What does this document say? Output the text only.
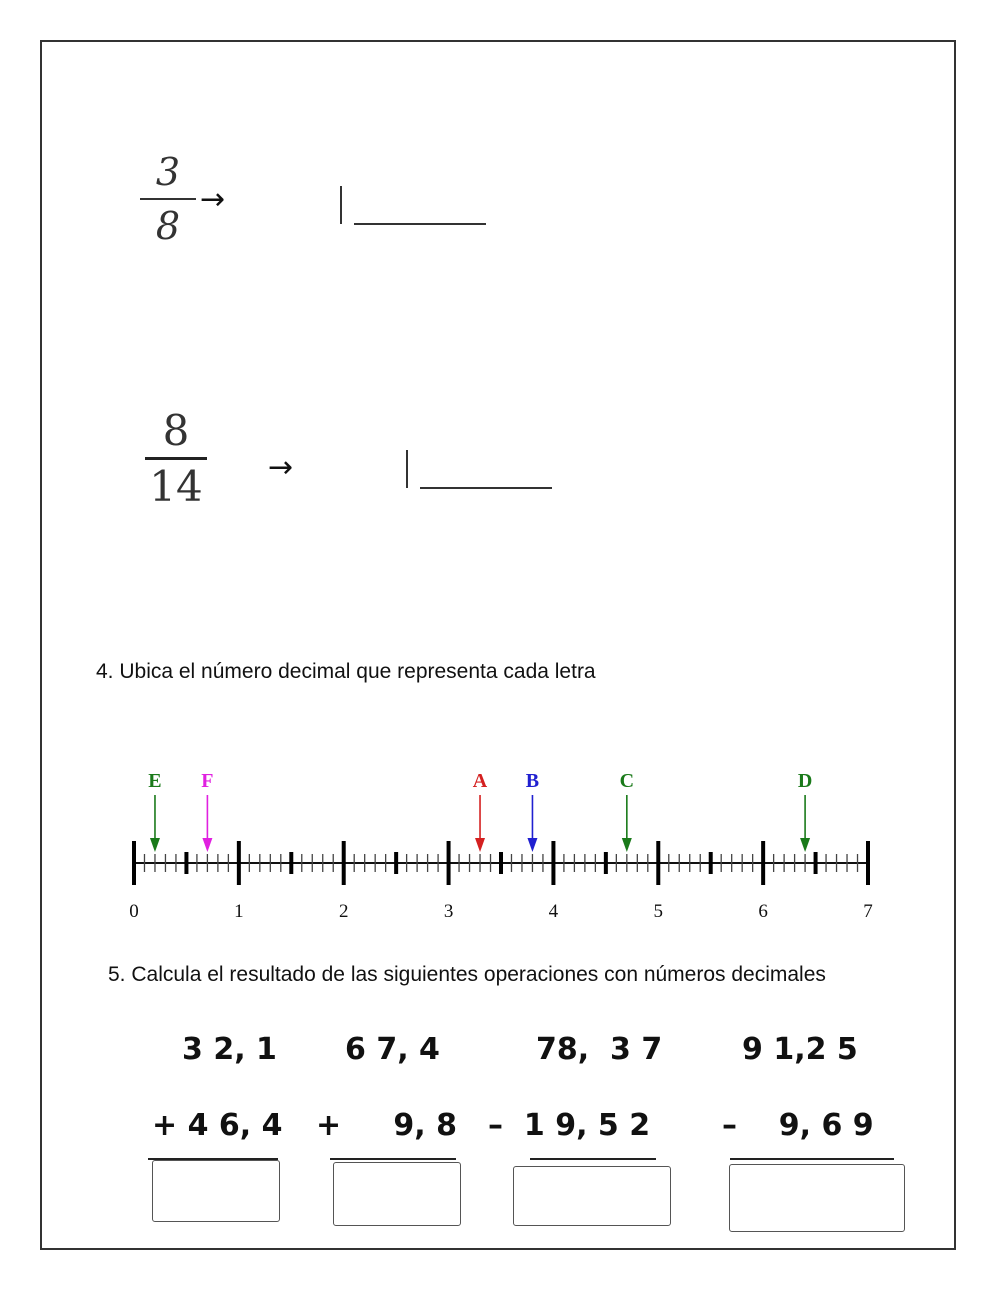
3
8
→
8
14 →
4. Ubica el número decimal que representa cada letra
0	1	2	3	4	5	6	7
E F	A B	C	D
5. Calcula el resultado de las siguientes operaciones con números decimales
3 2, 1
+ 4 6, 4
6 7, 4
+     9, 8
78,  3 7
–  1 9, 5 2
9 1,2 5
–    9, 6 9
